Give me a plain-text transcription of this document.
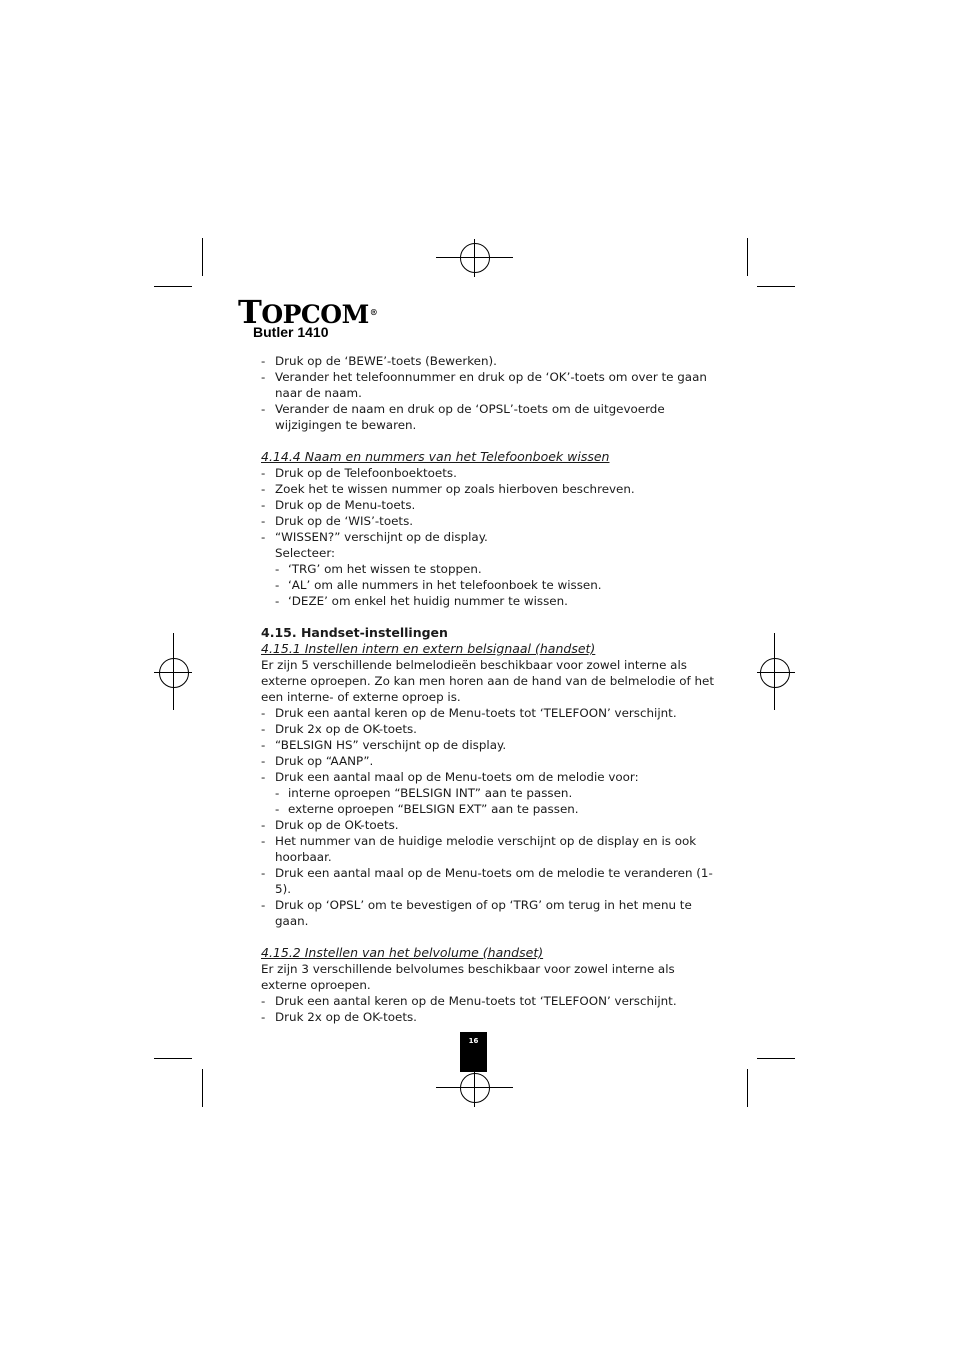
TOPCOM®
Butler 1410
- Druk op de ‘BEWE’-toets (Bewerken).
- Verander het telefoonnummer en druk op de ‘OK’-toets om over te gaan naar de naam.
- Verander de naam en druk op de ‘OPSL’-toets om de uitgevoerde wijzigingen te bewaren.
4.14.4 Naam en nummers van het Telefoonboek wissen
- Druk op de Telefoonboektoets.
- Zoek het te wissen nummer op zoals hierboven beschreven.
- Druk op de Menu-toets.
- Druk op de ‘WIS’-toets.
- “WISSEN?” verschijnt op de display.
Selecteer:
- ‘TRG’ om het wissen te stoppen.
- ‘AL’ om alle nummers in het telefoonboek te wissen.
- ‘DEZE’ om enkel het huidig nummer te wissen.
4.15. Handset-instellingen
4.15.1 Instellen intern en extern belsignaal (handset)
Er zijn 5 verschillende belmelodieën beschikbaar voor zowel interne als externe oproepen. Zo kan men horen aan de hand van de belmelodie of het een interne- of externe oproep is.
- Druk een aantal keren op de Menu-toets tot ‘TELEFOON’ verschijnt.
- Druk 2x op de OK-toets.
- “BELSIGN HS” verschijnt op de display.
- Druk op “AANP”.
- Druk een aantal maal op de Menu-toets om de melodie voor:
- interne oproepen “BELSIGN INT” aan te passen.
- externe oproepen “BELSIGN EXT” aan te passen.
- Druk op de OK-toets.
- Het nummer van de huidige melodie verschijnt op de display en is ook hoorbaar.
- Druk een aantal maal op de Menu-toets om de melodie te veranderen (1-5).
- Druk op ‘OPSL’ om te bevestigen of op ‘TRG’ om terug in het menu te gaan.
4.15.2 Instellen van het belvolume (handset)
Er zijn 3 verschillende belvolumes beschikbaar voor zowel interne als externe oproepen.
- Druk een aantal keren op de Menu-toets tot ‘TELEFOON’ verschijnt.
- Druk 2x op de OK-toets.
16
